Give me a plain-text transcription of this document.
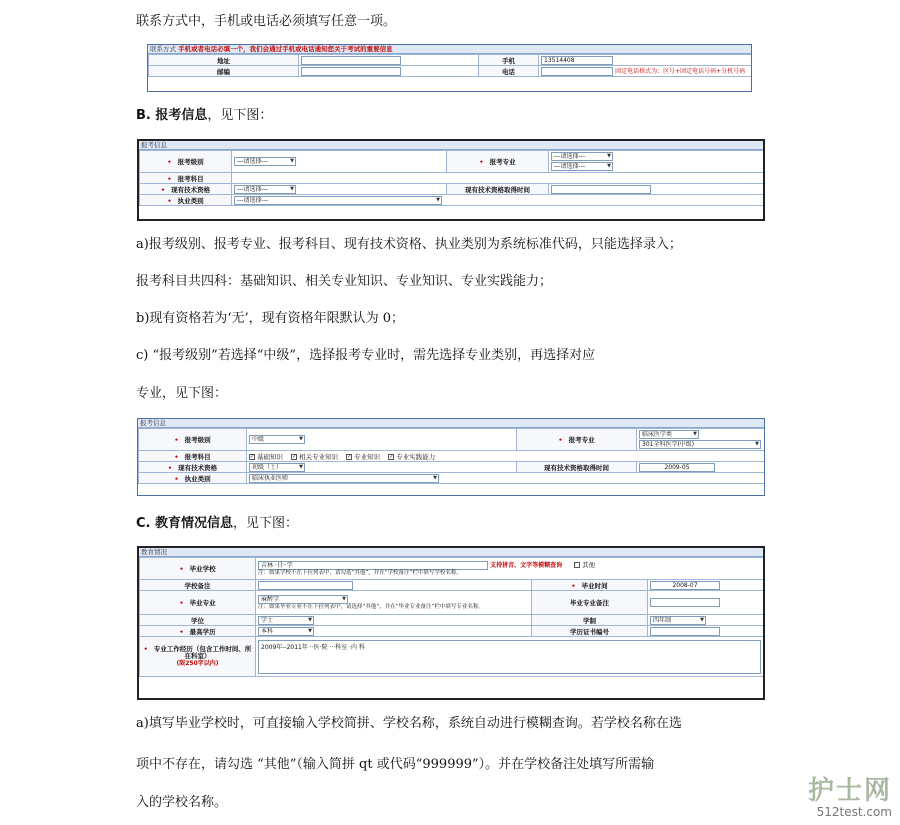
联系方式中，手机或电话必须填写任意一项。
联系方式 手机或者电话必填一个，我们会通过手机或电话通知您关于考试的重要信息
地址		手机	13514408
邮编		电话	固定电话格式为：区号+固定电话号码+分机号码
B. 报考信息，见下图：
报考信息
• 报考级别	---请选择--- ▼	• 报考专业	---请选择--- ▼
---请选择--- ▼

• 报考科目			
• 现有技术资格	---请选择--- ▼	现有技术资格取得时间	
• 执业类别	---请选择--- ▼
a)报考级别、报考专业、报考科目、现有技术资格、执业类别为系统标准代码，只能选择录入；
报考科目共四科：基础知识、相关专业知识、专业知识、专业实践能力；
b)现有资格若为‘无’，现有资格年限默认为 0；
c) “报考级别”若选择“中级”，选择报考专业时，需先选择专业类别，再选择对应
专业，见下图：
报考信息
• 报考级别	中级 ▼	• 报考专业	临床医学类 ▼
301全科医学(中级) ▼

• 报考科目	✓ 基础知识 ✓ 相关专业知识 ✓ 专业知识 ✓ 专业实践能力		
• 现有技术资格	初级（士） ▼	现有技术资格取得时间	2009-05
• 执业类别	临床执业医师 ▼
C. 教育情况信息，见下图：
教育情况
• 毕业学校	吉林 ·日··学 支持拼音、文字等模糊查询 其他
注：如果学校不在下拉列表中，请勾选“其他”，并在“学校备注”栏中填写学校名称。		

学校备注		• 毕业时间	2008-07
• 毕业专业	麻醉学 ▼
注：如果毕业专业不在下拉列表中，请选择“其他”，并在“毕业专业备注”栏中填写专业名称。	毕业专业备注	
学位	学士 ▼	学制	四年制 ▼
• 最高学历	本科 ▼	学历证书编号	
• 专业工作经历（包含工作时间、所在科室）
(限250字以内)	2009年--2011年 ··医·院 ···科室 ·内 科		
a)填写毕业学校时，可直接输入学校简拼、学校名称，系统自动进行模糊查询。若学校名称在选
项中不存在，请勾选 “其他”（输入简拼 qt 或代码“999999”）。并在学校备注处填写所需输
入的学校名称。	护士网
512test.com
